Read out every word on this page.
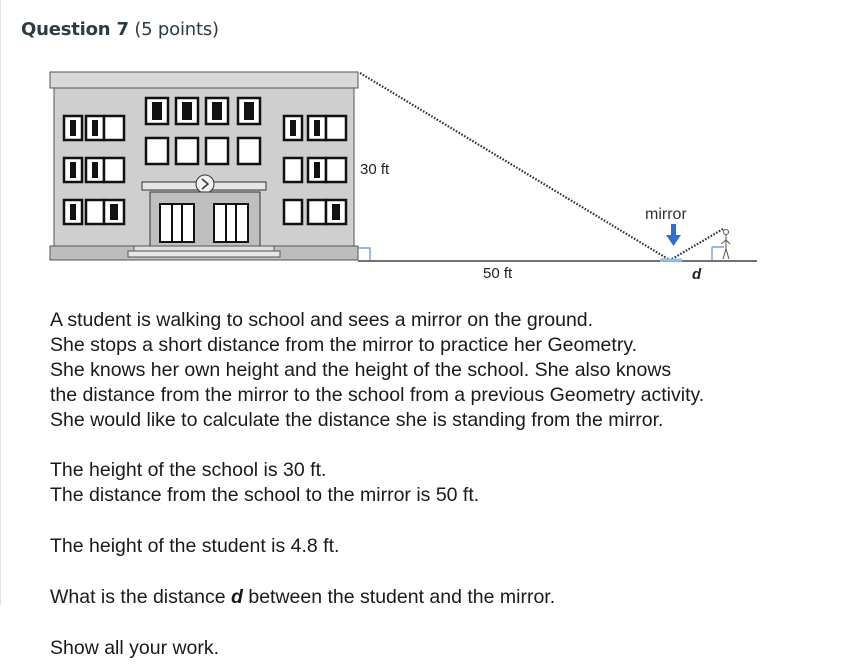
Question 7 (5 points)
30 ft
50 ft
mirror
d

A student is walking to school and sees a mirror on the ground.

She stops a short distance from the mirror to practice her Geometry.

She knows her own height and the height of the school. She also knows

the distance from the mirror to the school from a previous Geometry activity.

She would like to calculate the distance she is standing from the mirror.

The height of the school is 30 ft.

The distance from the school to the mirror is 50 ft.

The height of the student is 4.8 ft.

What is the distance d between the student and the mirror.

Show all your work.
